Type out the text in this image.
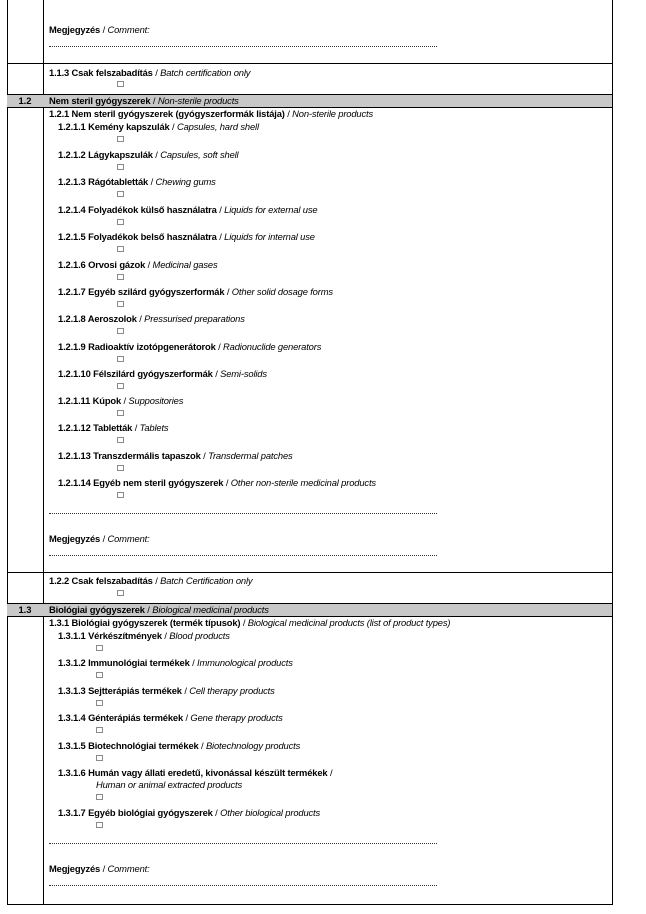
Megjegyzés / Comment:
1.1.3 Csak felszabadítás / Batch certification only
1.2	Nem steril gyógyszerek / Non-sterile products
1.2.1 Nem steril gyógyszerek (gyógyszerformák listája) / Non-sterile products
1.2.1.1 Kemény kapszulák / Capsules, hard shell
1.2.1.2 Lágykapszulák / Capsules, soft shell
1.2.1.3 Rágótabletták / Chewing gums
1.2.1.4 Folyadékok külső használatra / Liquids for external use
1.2.1.5 Folyadékok belső használatra / Liquids for internal use
1.2.1.6 Orvosi gázok / Medicinal gases
1.2.1.7 Egyéb szilárd gyógyszerformák / Other solid dosage forms
1.2.1.8 Aeroszolok / Pressurised preparations
1.2.1.9 Radioaktív izotópgenerátorok / Radionuclide generators
1.2.1.10 Félszilárd gyógyszerformák / Semi-solids
1.2.1.11 Kúpok / Suppositories
1.2.1.12 Tabletták / Tablets
1.2.1.13 Transzdermális tapaszok / Transdermal patches
1.2.1.14 Egyéb nem steril gyógyszerek / Other non-sterile medicinal products
Megjegyzés / Comment:
1.2.2 Csak felszabadítás / Batch Certification only
1.3	Biológiai gyógyszerek / Biological medicinal products
1.3.1 Biológiai gyógyszerek (termék típusok) / Biological medicinal products (list of product types)
1.3.1.1 Vérkészítmények / Blood products
1.3.1.2 Immunológiai termékek / Immunological products
1.3.1.3 Sejtterápiás termékek / Cell therapy products
1.3.1.4 Génterápiás termékek / Gene therapy products
1.3.1.5 Biotechnológiai termékek / Biotechnology products
1.3.1.6 Humán vagy állati eredetű, kivonással készült termékek /
Human or animal extracted products
1.3.1.7 Egyéb biológiai gyógyszerek / Other biological products
Megjegyzés / Comment:
